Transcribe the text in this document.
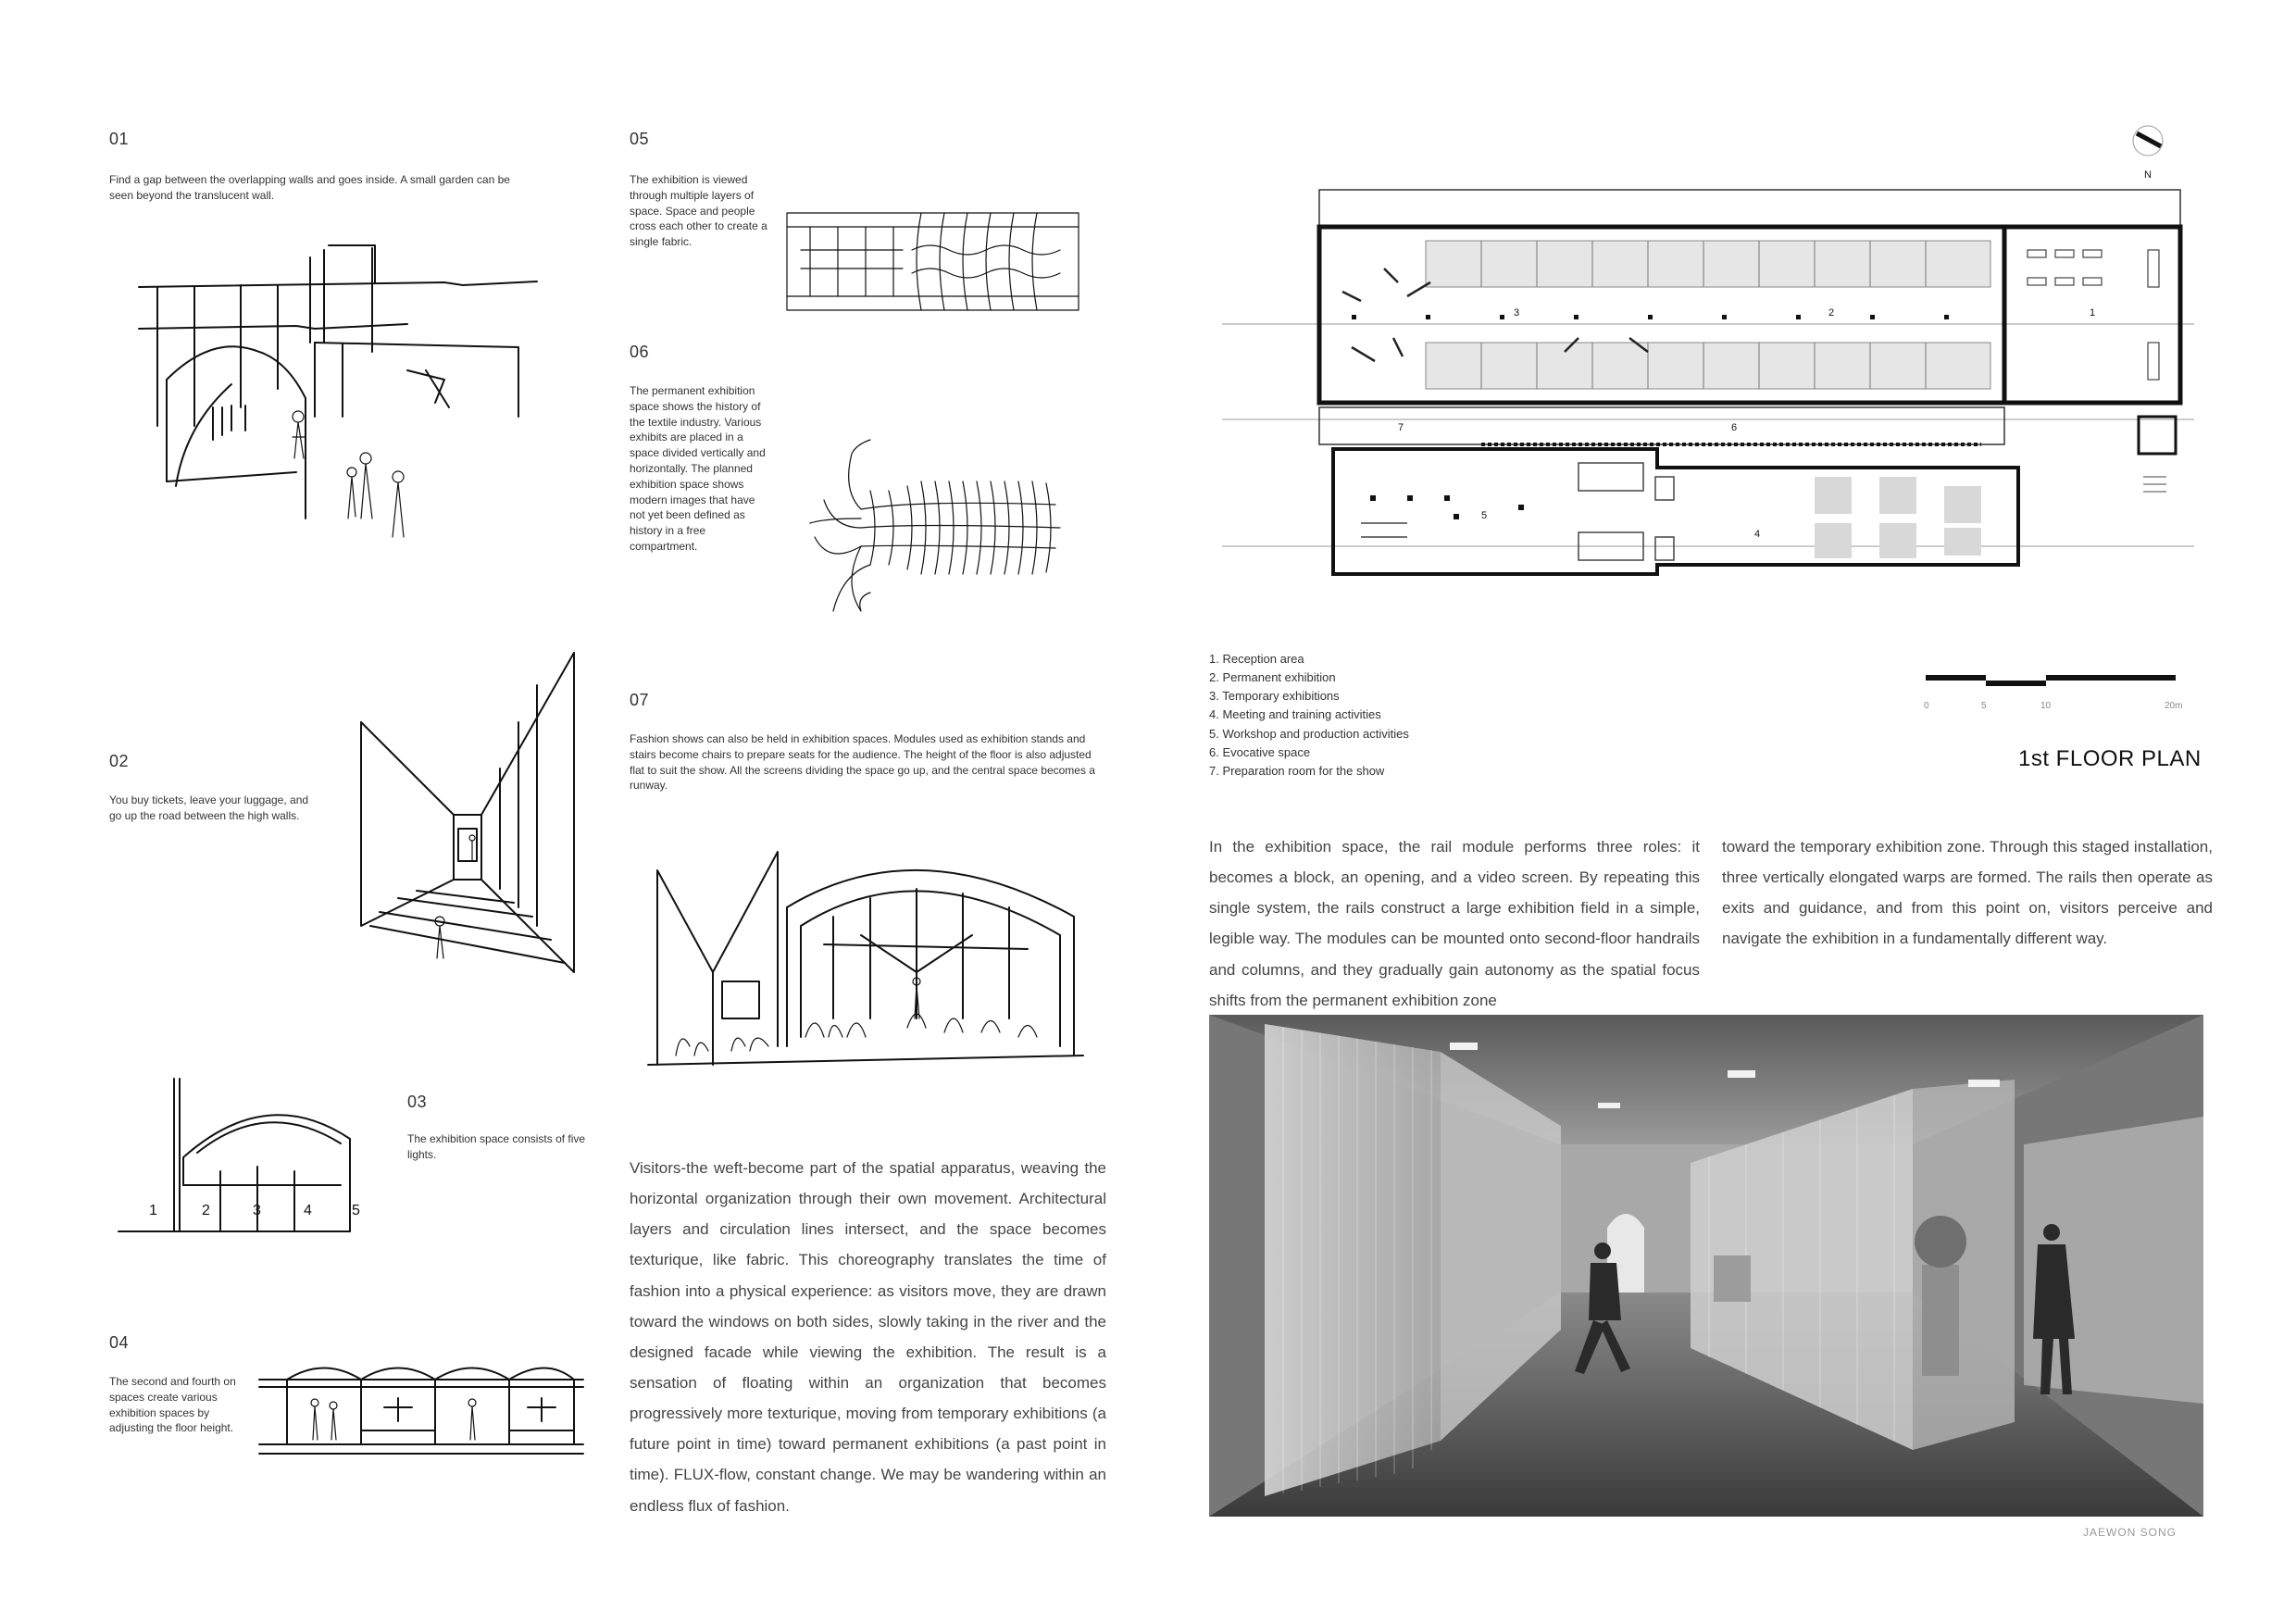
01
Find a gap between the overlapping walls and goes inside. A small garden can be seen beyond the translucent wall.
02
You buy tickets, leave your luggage, and go up the road between the high walls.
1	2	3	4	5
03
The exhibition space consists of five lights.
04
The second and fourth on spaces create various exhibition spaces by adjusting the floor height.
05
The exhibition is viewed through multiple layers of space. Space and people cross each other to create a single fabric.
06
The permanent exhibition space shows the history of the textile industry. Various exhibits are placed in a space divided vertically and horizontally. The planned exhibition space shows modern images that have not yet been defined as history in a free compartment.
07
Fashion shows can also be held in exhibition spaces. Modules used as exhibition stands and stairs become chairs to prepare seats for the audience. The height of the floor is also adjusted flat to suit the show. All the screens dividing the space go up, and the central space becomes a runway.
Visitors-the weft-become part of the spatial apparatus, weaving the horizontal organization through their own movement. Architectural layers and circulation lines intersect, and the space becomes texturique, like fabric. This choreography translates the time of fashion into a physical experience: as visitors move, they are drawn toward the windows on both sides, slowly taking in the river and the designed facade while viewing the exhibition. The result is a sensation of floating within an organization that becomes progressively more texturique, moving from temporary exhibitions (a future point in time) toward permanent exhibitions (a past point in time). FLUX-flow, constant change. We may be wandering within an endless flux of fashion.
N
1
2
3
4
5
6
7
1. Reception area
2. Permanent exhibition
3. Temporary exhibitions
4. Meeting and training activities
5. Workshop and production activities
6. Evocative space
7. Preparation room for the show
0	5	10	20m
1st FLOOR PLAN
In the exhibition space, the rail module performs three roles: it becomes a block, an opening, and a video screen. By repeating this single system, the rails construct a large exhibition field in a simple, legible way. The modules can be mounted onto second-floor handrails and columns, and they gradually gain autonomy as the spatial focus shifts from the permanent exhibition zone
toward the temporary exhibition zone. Through this staged installation, three vertically elongated warps are formed. The rails then operate as exits and guidance, and from this point on, visitors perceive and navigate the exhibition in a fundamentally different way.
JAEWON SONG
